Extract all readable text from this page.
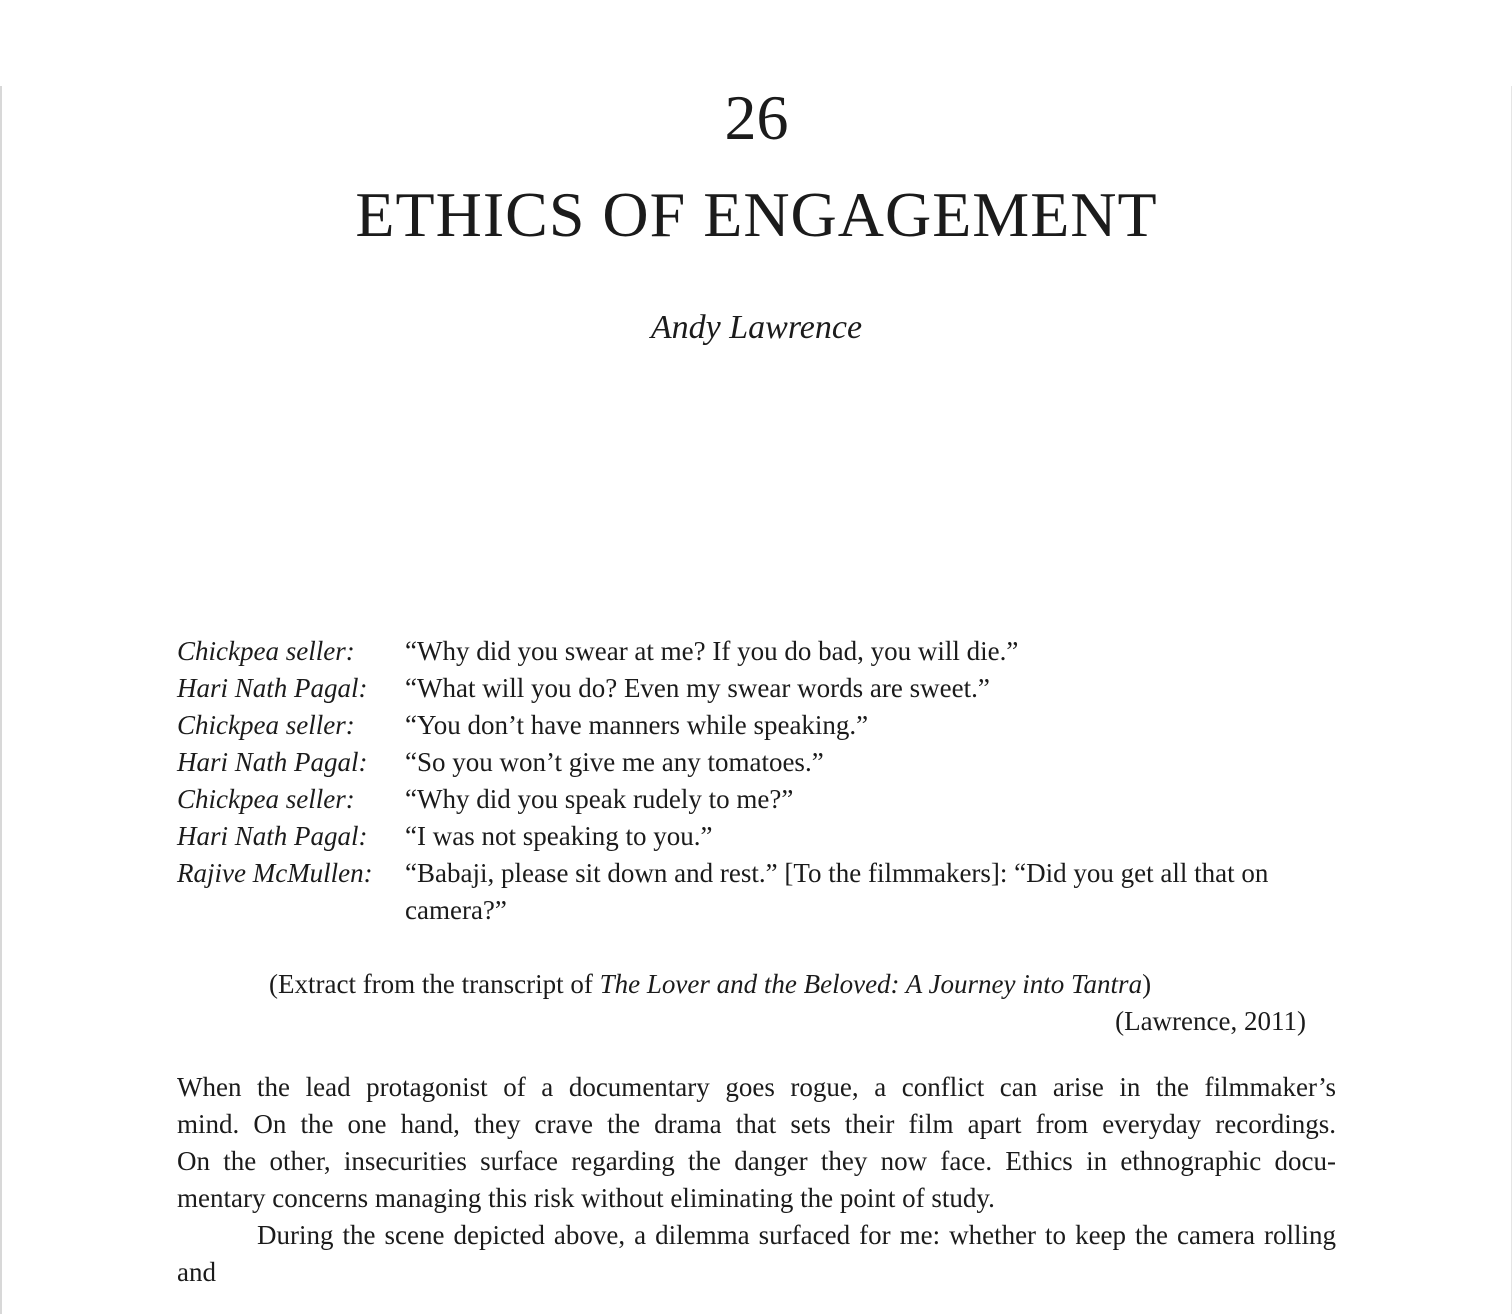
26
ETHICS OF ENGAGEMENT
Andy Lawrence
Chickpea seller:	“Why did you swear at me? If you do bad, you will die.”
Hari Nath Pagal:	“What will you do? Even my swear words are sweet.”
Chickpea seller:	“You don’t have manners while speaking.”
Hari Nath Pagal:	“So you won’t give me any tomatoes.”
Chickpea seller:	“Why did you speak rudely to me?”
Hari Nath Pagal:	“I was not speaking to you.”
Rajive McMullen:	“Babaji, please sit down and rest.” [To the filmmakers]: “Did you get all that on camera?”
(Extract from the transcript of The Lover and the Beloved: A Journey into Tantra)
(Lawrence, 2011)
When the lead protagonist of a documentary goes rogue, a conflict can arise in the filmmaker’s
mind. On the one hand, they crave the drama that sets their film apart from everyday recordings.
On the other, insecurities surface regarding the danger they now face. Ethics in ethnographic docu-
mentary concerns managing this risk without eliminating the point of study.
During the scene depicted above, a dilemma surfaced for me: whether to keep the camera rolling and
